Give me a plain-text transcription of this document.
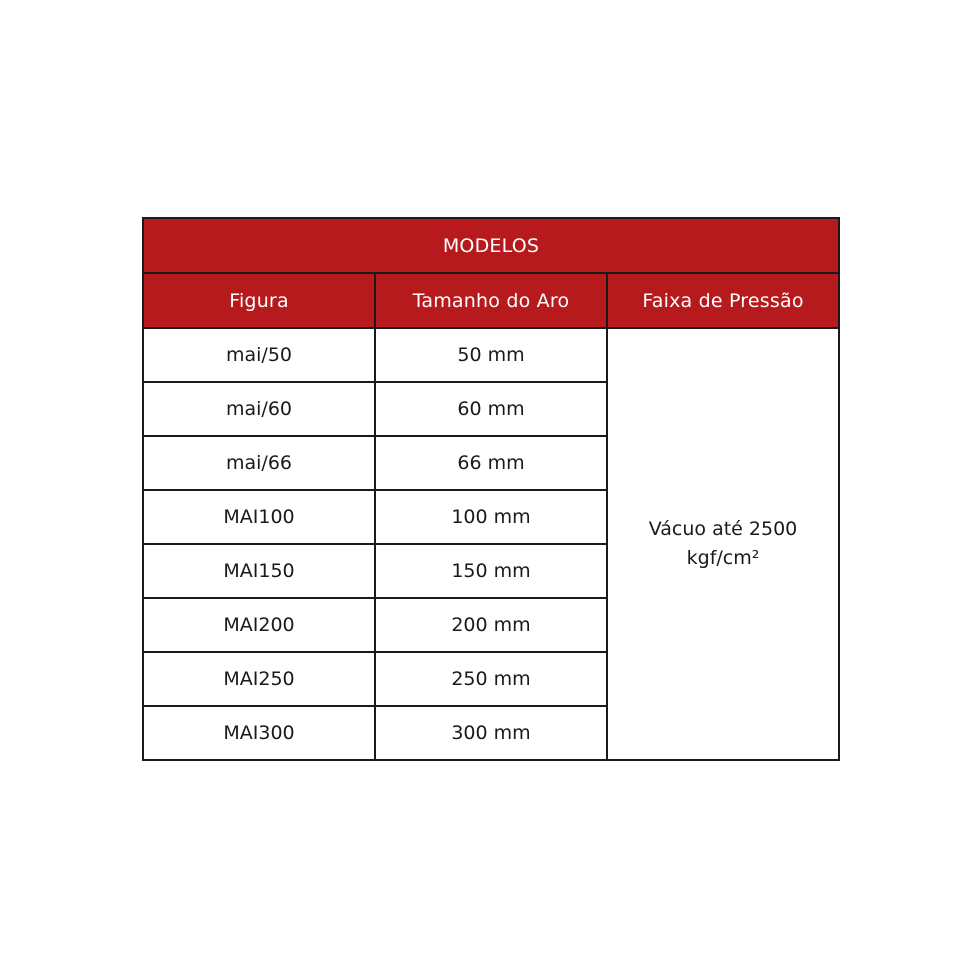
MODELOS		
Figura	Tamanho do Aro	Faixa de Pressão
mai/50	50 mm	Vácuo até 2500
kgf/cm²

mai/60	60 mm	
mai/66	66 mm	
MAI100	100 mm	
MAI150	150 mm	
MAI200	200 mm	
MAI250	250 mm	
MAI300	300 mm	
